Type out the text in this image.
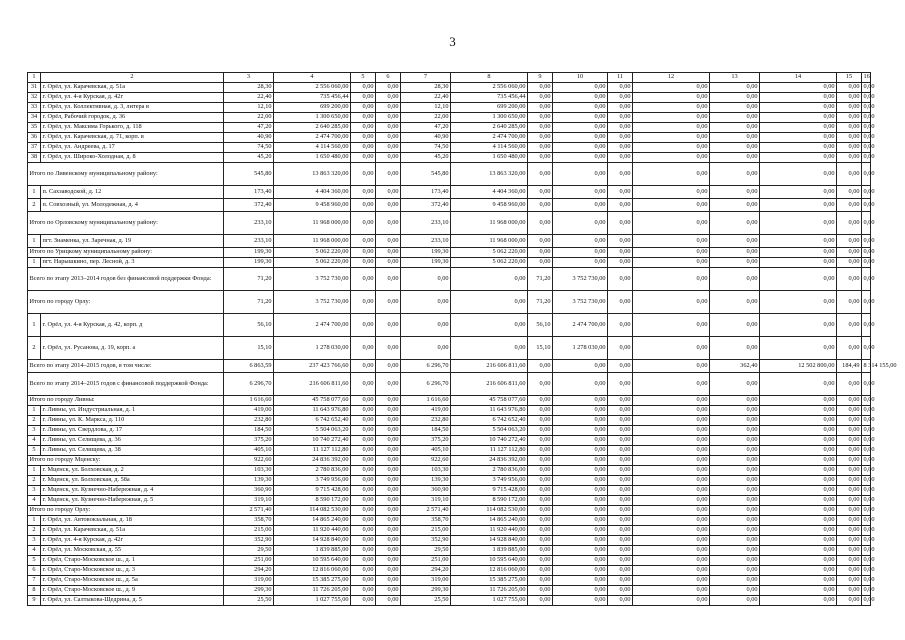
3
1	2	3	4	5	6	7	8	9	10	11	12	13	14	15	16
31	г. Орёл, ул. Карачевская, д. 51а	28,30	2 556 060,00	0,00	0,00	28,30	2 556 060,00	0,00	0,00	0,00	0,00	0,00	0,00	0,00	0,00
32	г. Орёл, ул. 4-я Курская, д. 42г	22,40	735 456,44	0,00	0,00	22,40	735 456,44	0,00	0,00	0,00	0,00	0,00	0,00	0,00	0,00
33	г. Орёл, ул. Коллективная, д. 3, литера в	12,10	699 200,00	0,00	0,00	12,10	699 200,00	0,00	0,00	0,00	0,00	0,00	0,00	0,00	0,00
34	г. Орёл, Рабочий городок, д. 36	22,00	1 300 650,00	0,00	0,00	22,00	1 300 650,00	0,00	0,00	0,00	0,00	0,00	0,00	0,00	0,00
35	г. Орёл, ул. Максима Горького, д. 118	47,20	2 640 285,00	0,00	0,00	47,20	2 640 285,00	0,00	0,00	0,00	0,00	0,00	0,00	0,00	0,00
36	г. Орёл, ул. Карачевская, д. 71, корп. в	40,90	2 474 700,00	0,00	0,00	40,90	2 474 700,00	0,00	0,00	0,00	0,00	0,00	0,00	0,00	0,00
37	г. Орёл, ул. Андреева, д. 17	74,50	4 114 560,00	0,00	0,00	74,50	4 114 560,00	0,00	0,00	0,00	0,00	0,00	0,00	0,00	0,00
38	г. Орёл, ул. Широко-Холодная, д. 8	45,20	1 650 480,00	0,00	0,00	45,20	1 650 480,00	0,00	0,00	0,00	0,00	0,00	0,00	0,00	0,00
Итого по Ливенскому муниципальному району:		545,80	13 863 320,00	0,00	0,00	545,80	13 863 320,00	0,00	0,00	0,00	0,00	0,00	0,00	0,00	0,00
1	п. Сахзаводской, д. 12	173,40	4 404 360,00	0,00	0,00	173,40	4 404 360,00	0,00	0,00	0,00	0,00	0,00	0,00	0,00	0,00
2	п. Совхозный, ул. Молодежная, д. 4	372,40	9 458 960,00	0,00	0,00	372,40	9 458 960,00	0,00	0,00	0,00	0,00	0,00	0,00	0,00	0,00
Итого по Орловскому муниципальному району:		233,10	11 968 000,00	0,00	0,00	233,10	11 968 000,00	0,00	0,00	0,00	0,00	0,00	0,00	0,00	0,00
1	пгт. Знаменка, ул. Заречная, д. 19	233,10	11 968 000,00	0,00	0,00	233,10	11 968 000,00	0,00	0,00	0,00	0,00	0,00	0,00	0,00	0,00
Итого по Урицкому муниципальному району:		199,30	5 062 220,00	0,00	0,00	199,30	5 062 220,00	0,00	0,00	0,00	0,00	0,00	0,00	0,00	0,00
1	пгт. Нарышкино, пер. Лесной, д. 3	199,30	5 062 220,00	0,00	0,00	199,30	5 062 220,00	0,00	0,00	0,00	0,00	0,00	0,00	0,00	0,00
Всего по этапу 2013–2014 годов без финансовой поддержки Фонда:		71,20	3 752 730,00	0,00	0,00	0,00	0,00	71,20	3 752 730,00	0,00	0,00	0,00	0,00	0,00	0,00
Итого по городу Орлу:		71,20	3 752 730,00	0,00	0,00	0,00	0,00	71,20	3 752 730,00	0,00	0,00	0,00	0,00	0,00	0,00
1	г. Орёл, ул. 4-я Курская, д. 42, корп. д	56,10	2 474 700,00	0,00	0,00	0,00	0,00	56,10	2 474 700,00	0,00	0,00	0,00	0,00	0,00	0,00
2	г. Орёл, ул. Русанова, д. 19, корп. а	15,10	1 278 030,00	0,00	0,00	0,00	0,00	15,10	1 278 030,00	0,00	0,00	0,00	0,00	0,00	0,00
Всего по этапу 2014–2015 годов, в том числе:		6 863,59	237 423 766,60	0,00	0,00	6 296,70	216 606 811,60	0,00	0,00	0,00	0,00	362,40	12 502 800,00	184,49	8 314 155,00
Всего по этапу 2014–2015 годов с финансовой поддержкой Фонда:		6 296,70	216 606 811,60	0,00	0,00	6 296,70	216 606 811,60	0,00	0,00	0,00	0,00	0,00	0,00	0,00	0,00
Итого по городу Ливны:		1 616,60	45 758 077,60	0,00	0,00	1 616,60	45 758 077,60	0,00	0,00	0,00	0,00	0,00	0,00	0,00	0,00
1	г. Ливны, ул. Индустриальная, д. 1	419,00	11 643 976,80	0,00	0,00	419,00	11 643 976,80	0,00	0,00	0,00	0,00	0,00	0,00	0,00	0,00
2	г. Ливны, ул. К. Маркса, д. 110	232,80	6 742 652,40	0,00	0,00	232,80	6 742 652,40	0,00	0,00	0,00	0,00	0,00	0,00	0,00	0,00
3	г. Ливны, ул. Свердлова, д. 17	184,50	5 504 063,20	0,00	0,00	184,50	5 504 063,20	0,00	0,00	0,00	0,00	0,00	0,00	0,00	0,00
4	г. Ливны, ул. Селищева, д. 36	375,20	10 740 272,40	0,00	0,00	375,20	10 740 272,40	0,00	0,00	0,00	0,00	0,00	0,00	0,00	0,00
5	г. Ливны, ул. Селищева, д. 38	405,10	11 127 112,80	0,00	0,00	405,10	11 127 112,80	0,00	0,00	0,00	0,00	0,00	0,00	0,00	0,00
Итого по городу Мценску:		922,60	24 836 392,00	0,00	0,00	922,60	24 836 392,00	0,00	0,00	0,00	0,00	0,00	0,00	0,00	0,00
1	г. Мценск, ул. Болховская, д. 2	103,30	2 780 836,00	0,00	0,00	103,30	2 780 836,00	0,00	0,00	0,00	0,00	0,00	0,00	0,00	0,00
2	г. Мценск, ул. Болховская, д. 58а	139,30	3 749 956,00	0,00	0,00	139,30	3 749 956,00	0,00	0,00	0,00	0,00	0,00	0,00	0,00	0,00
3	г. Мценск, ул. Кузнечно-Набережная, д. 4	360,90	9 715 428,00	0,00	0,00	360,90	9 715 428,00	0,00	0,00	0,00	0,00	0,00	0,00	0,00	0,00
4	г. Мценск, ул. Кузнечно-Набережная, д. 5	319,10	8 590 172,00	0,00	0,00	319,10	8 590 172,00	0,00	0,00	0,00	0,00	0,00	0,00	0,00	0,00
Итого по городу Орлу:		2 571,40	114 082 530,00	0,00	0,00	2 571,40	114 082 530,00	0,00	0,00	0,00	0,00	0,00	0,00	0,00	0,00
1	г. Орёл, ул. Автовокзальная, д. 18	358,70	14 865 240,00	0,00	0,00	358,70	14 865 240,00	0,00	0,00	0,00	0,00	0,00	0,00	0,00	0,00
2	г. Орёл, ул. Карачевская, д. 51а	215,00	11 920 440,00	0,00	0,00	215,00	11 920 440,00	0,00	0,00	0,00	0,00	0,00	0,00	0,00	0,00
3	г. Орёл, ул. 4-я Курская, д. 42г	352,90	14 928 840,00	0,00	0,00	352,90	14 928 840,00	0,00	0,00	0,00	0,00	0,00	0,00	0,00	0,00
4	г. Орёл, ул. Московская, д. 55	29,50	1 839 885,00	0,00	0,00	29,50	1 839 885,00	0,00	0,00	0,00	0,00	0,00	0,00	0,00	0,00
5	г. Орёл, Старо-Московское ш., д. 1	251,00	10 595 640,00	0,00	0,00	251,00	10 595 640,00	0,00	0,00	0,00	0,00	0,00	0,00	0,00	0,00
6	г. Орёл, Старо-Московское ш., д. 3	294,20	12 816 060,00	0,00	0,00	294,20	12 816 060,00	0,00	0,00	0,00	0,00	0,00	0,00	0,00	0,00
7	г. Орёл, Старо-Московское ш., д. 5а	319,00	15 385 275,00	0,00	0,00	319,00	15 385 275,00	0,00	0,00	0,00	0,00	0,00	0,00	0,00	0,00
8	г. Орёл, Старо-Московское ш., д. 9	299,30	11 726 205,00	0,00	0,00	299,30	11 726 205,00	0,00	0,00	0,00	0,00	0,00	0,00	0,00	0,00
9	г. Орёл, ул. Салтыкова-Щедрина, д. 5	25,50	1 027 755,00	0,00	0,00	25,50	1 027 755,00	0,00	0,00	0,00	0,00	0,00	0,00	0,00	0,00
